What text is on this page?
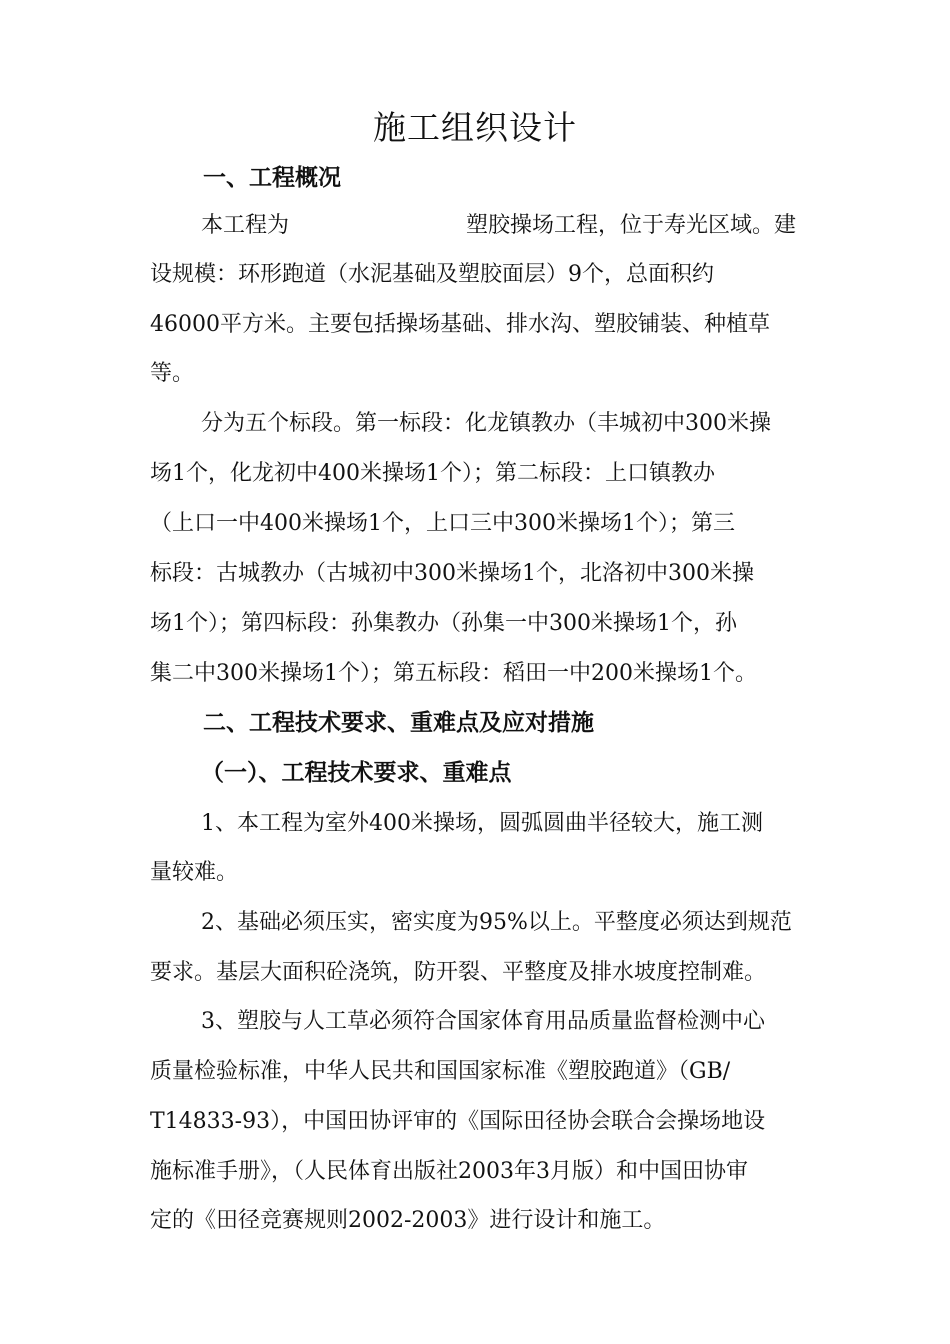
施工组织设计
一、工程概况
本工程为	塑胶操场工程，位于寿光区域。建
设规模：环形跑道（水泥基础及塑胶面层）9个，总面积约
46000平方米。主要包括操场基础、排水沟、塑胶铺装、种植草
等。
分为五个标段。第一标段：化龙镇教办（丰城初中300米操
场1个，化龙初中400米操场1个）；第二标段：上口镇教办
（上口一中400米操场1个，上口三中300米操场1个）；第三
标段：古城教办（古城初中300米操场1个，北洛初中300米操
场1个）；第四标段：孙集教办（孙集一中300米操场1个，孙
集二中300米操场1个）；第五标段：稻田一中200米操场1个。
二、工程技术要求、重难点及应对措施
（一）、工程技术要求、重难点
1、本工程为室外400米操场，圆弧圆曲半径较大，施工测
量较难。
2、基础必须压实，密实度为95%以上。平整度必须达到规范
要求。基层大面积砼浇筑，防开裂、平整度及排水坡度控制难。
3、塑胶与人工草必须符合国家体育用品质量监督检测中心
质量检验标准，中华人民共和国国家标准《塑胶跑道》（GB/
T14833-93），中国田协评审的《国际田径协会联合会操场地设
施标准手册》，（人民体育出版社2003年3月版）和中国田协审
定的《田径竞赛规则2002-2003》进行设计和施工。
